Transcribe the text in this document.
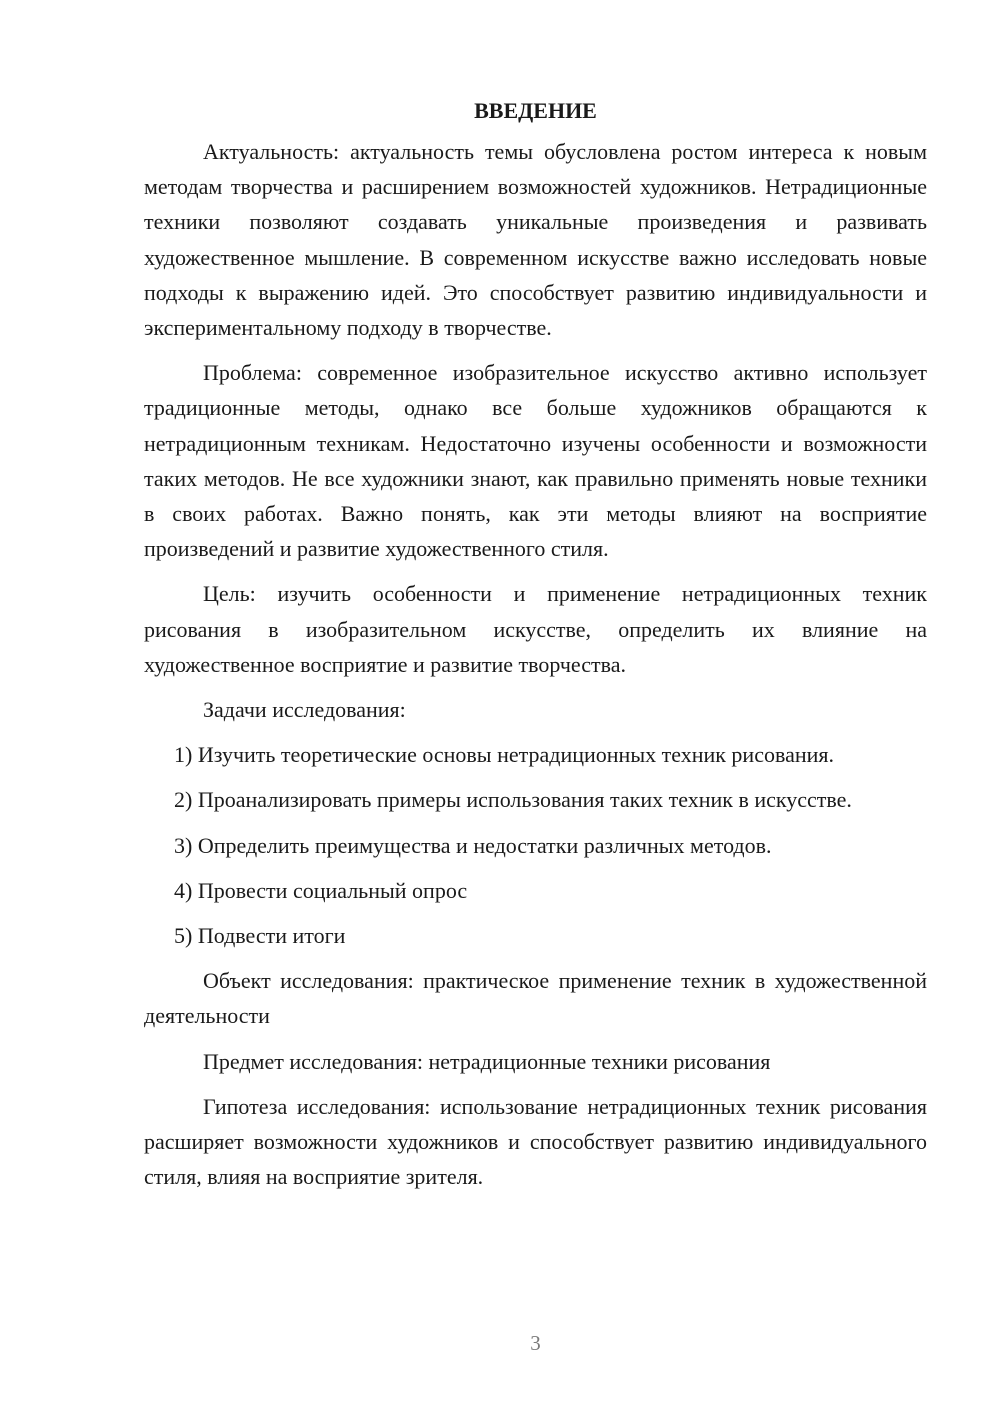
ВВЕДЕНИЕ

Актуальность: актуальность темы обусловлена ростом интереса к новым методам творчества и расширением возможностей художников. Нетрадиционные техники позволяют создавать уникальные произведения и развивать художественное мышление. В современном искусстве важно исследовать новые подходы к выражению идей. Это способствует развитию индивидуальности и экспериментальному подходу в творчестве.

Проблема: современное изобразительное искусство активно использует традиционные методы, однако все больше художников обращаются к нетрадиционным техникам. Недостаточно изучены особенности и возможности таких методов. Не все художники знают, как правильно применять новые техники в своих работах. Важно понять, как эти методы влияют на восприятие произведений и развитие художественного стиля.

Цель: изучить особенности и применение нетрадиционных техник рисования в изобразительном искусстве, определить их влияние на художественное восприятие и развитие творчества.

Задачи исследования:

1) Изучить теоретические основы нетрадиционных техник рисования.

2) Проанализировать примеры использования таких техник в искусстве.

3) Определить преимущества и недостатки различных методов.

4) Провести социальный опрос

5) Подвести итоги

Объект исследования: практическое применение техник в художественной деятельности

Предмет исследования: нетрадиционные техники рисования

Гипотеза исследования: использование нетрадиционных техник рисования расширяет возможности художников и способствует развитию индивидуального стиля, влияя на восприятие зрителя.

3
